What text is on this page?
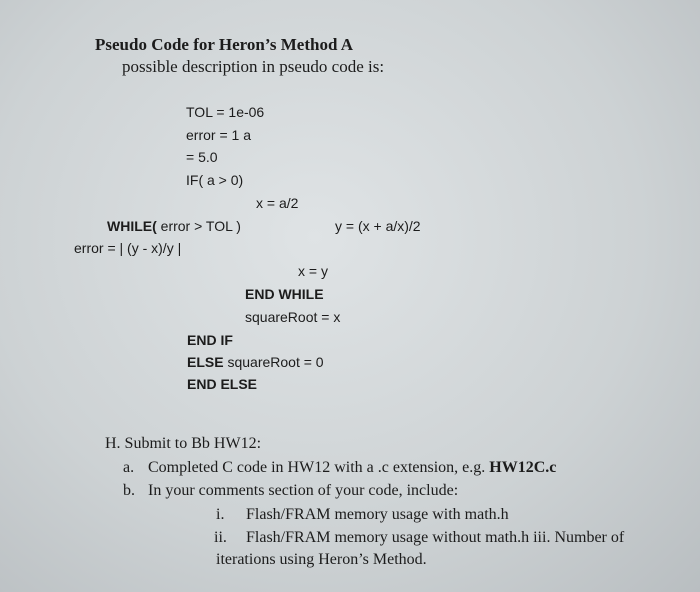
Pseudo Code for Heron’s Method A
possible description in pseudo code is:
TOL = 1e-06
error = 1 a
= 5.0
IF( a > 0)
x = a/2
WHILE( error > TOL )	y = (x + a/x)/2
error = | (y - x)/y |
x = y
END WHILE
squareRoot = x
END IF
ELSE squareRoot = 0
END ELSE
H. Submit to Bb HW12:
a. Completed C code in HW12 with a .c extension, e.g. HW12C.c
b. In your comments section of your code, include:
i. Flash/FRAM memory usage with math.h
ii. Flash/FRAM memory usage without math.h iii. Number of
iterations using Heron’s Method.
